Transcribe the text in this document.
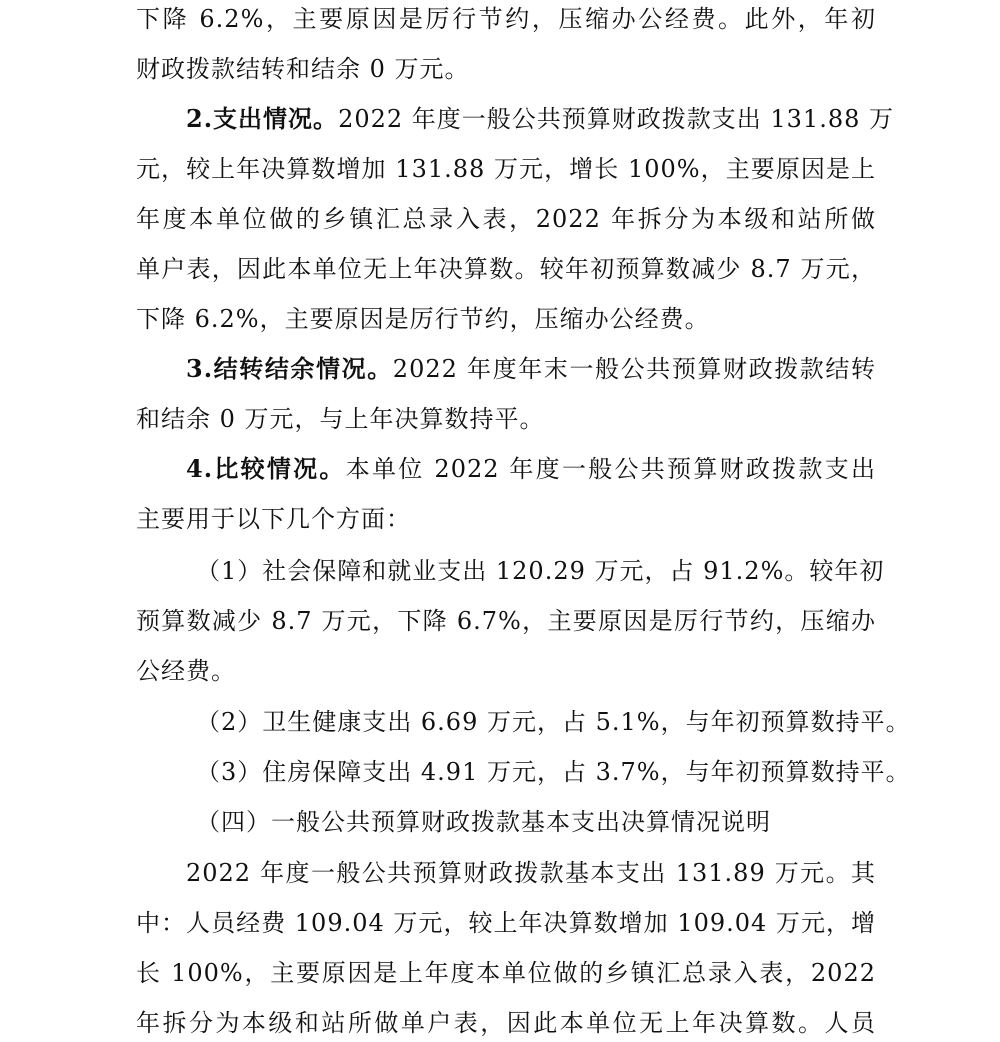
下降 6.2%，主要原因是厉行节约，压缩办公经费。此外，年初
财政拨款结转和结余 0 万元。
2.支出情况。2022 年度一般公共预算财政拨款支出 131.88 万
元，较上年决算数增加 131.88 万元，增长 100%，主要原因是上
年度本单位做的乡镇汇总录入表，2022 年拆分为本级和站所做
单户表，因此本单位无上年决算数。较年初预算数减少 8.7 万元，
下降 6.2%，主要原因是厉行节约，压缩办公经费。
3.结转结余情况。2022 年度年末一般公共预算财政拨款结转
和结余 0 万元，与上年决算数持平。
4.比较情况。本单位 2022 年度一般公共预算财政拨款支出
主要用于以下几个方面：
（1）社会保障和就业支出 120.29 万元，占 91.2%。较年初
预算数减少 8.7 万元，下降 6.7%，主要原因是厉行节约，压缩办
公经费。
（2）卫生健康支出 6.69 万元，占 5.1%，与年初预算数持平。
（3）住房保障支出 4.91 万元，占 3.7%，与年初预算数持平。
（四）一般公共预算财政拨款基本支出决算情况说明
2022 年度一般公共预算财政拨款基本支出 131.89 万元。其
中：人员经费 109.04 万元，较上年决算数增加 109.04 万元，增
长 100%，主要原因是上年度本单位做的乡镇汇总录入表，2022
年拆分为本级和站所做单户表，因此本单位无上年决算数。人员
